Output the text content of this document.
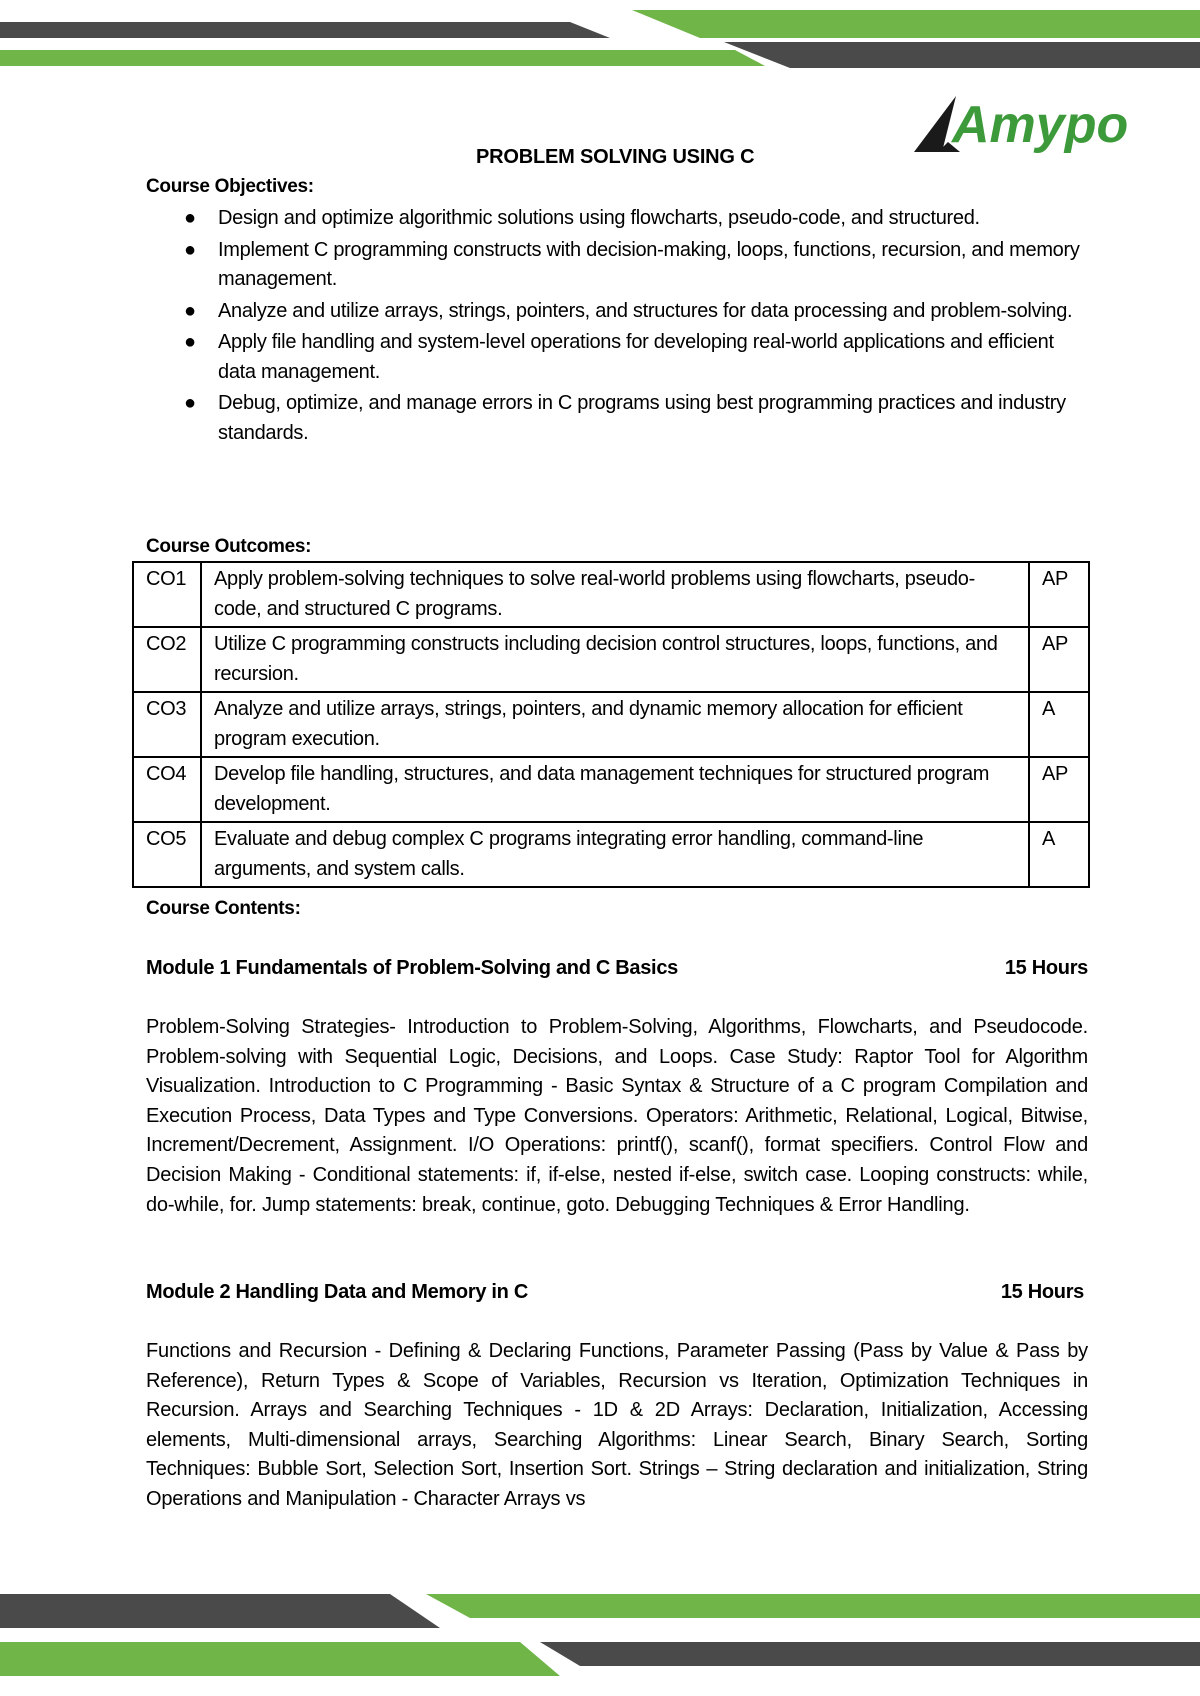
Amypo
PROBLEM SOLVING USING C

Course Objectives:

● Design and optimize algorithmic solutions using flowcharts, pseudo-code, and structured.
● Implement C programming constructs with decision-making, loops, functions, recursion, and memory management.
● Analyze and utilize arrays, strings, pointers, and structures for data processing and problem-solving.
● Apply file handling and system-level operations for developing real-world applications and efficient data management.
● Debug, optimize, and manage errors in C programs using best programming practices and industry standards.

Course Outcomes:

CO1	Apply problem-solving techniques to solve real-world problems using flowcharts, pseudo-code, and structured C programs.	AP
CO2	Utilize C programming constructs including decision control structures, loops, functions, and recursion.	AP
CO3	Analyze and utilize arrays, strings, pointers, and dynamic memory allocation for efficient program execution.	A
CO4	Develop file handling, structures, and data management techniques for structured program development.	AP
CO5	Evaluate and debug complex C programs integrating error handling, command-line arguments, and system calls.	A

Course Contents:

Module 1 Fundamentals of Problem-Solving and C Basics	15 Hours

Problem-Solving Strategies- Introduction to Problem-Solving, Algorithms, Flowcharts, and Pseudocode. Problem-solving with Sequential Logic, Decisions, and Loops. Case Study: Raptor Tool for Algorithm Visualization. Introduction to C Programming - Basic Syntax & Structure of a C program Compilation and Execution Process, Data Types and Type Conversions. Operators: Arithmetic, Relational, Logical, Bitwise, Increment/Decrement, Assignment. I/O Operations: printf(), scanf(), format specifiers. Control Flow and Decision Making - Conditional statements: if, if-else, nested if-else, switch case. Looping constructs: while, do-while, for. Jump statements: break, continue, goto. Debugging Techniques & Error Handling.

Module 2 Handling Data and Memory in C	15 Hours

Functions and Recursion - Defining & Declaring Functions, Parameter Passing (Pass by Value & Pass by Reference), Return Types & Scope of Variables, Recursion vs Iteration, Optimization Techniques in Recursion. Arrays and Searching Techniques - 1D & 2D Arrays: Declaration, Initialization, Accessing elements, Multi-dimensional arrays, Searching Algorithms: Linear Search, Binary Search, Sorting Techniques: Bubble Sort, Selection Sort, Insertion Sort. Strings – String declaration and initialization, String Operations and Manipulation - Character Arrays vs
